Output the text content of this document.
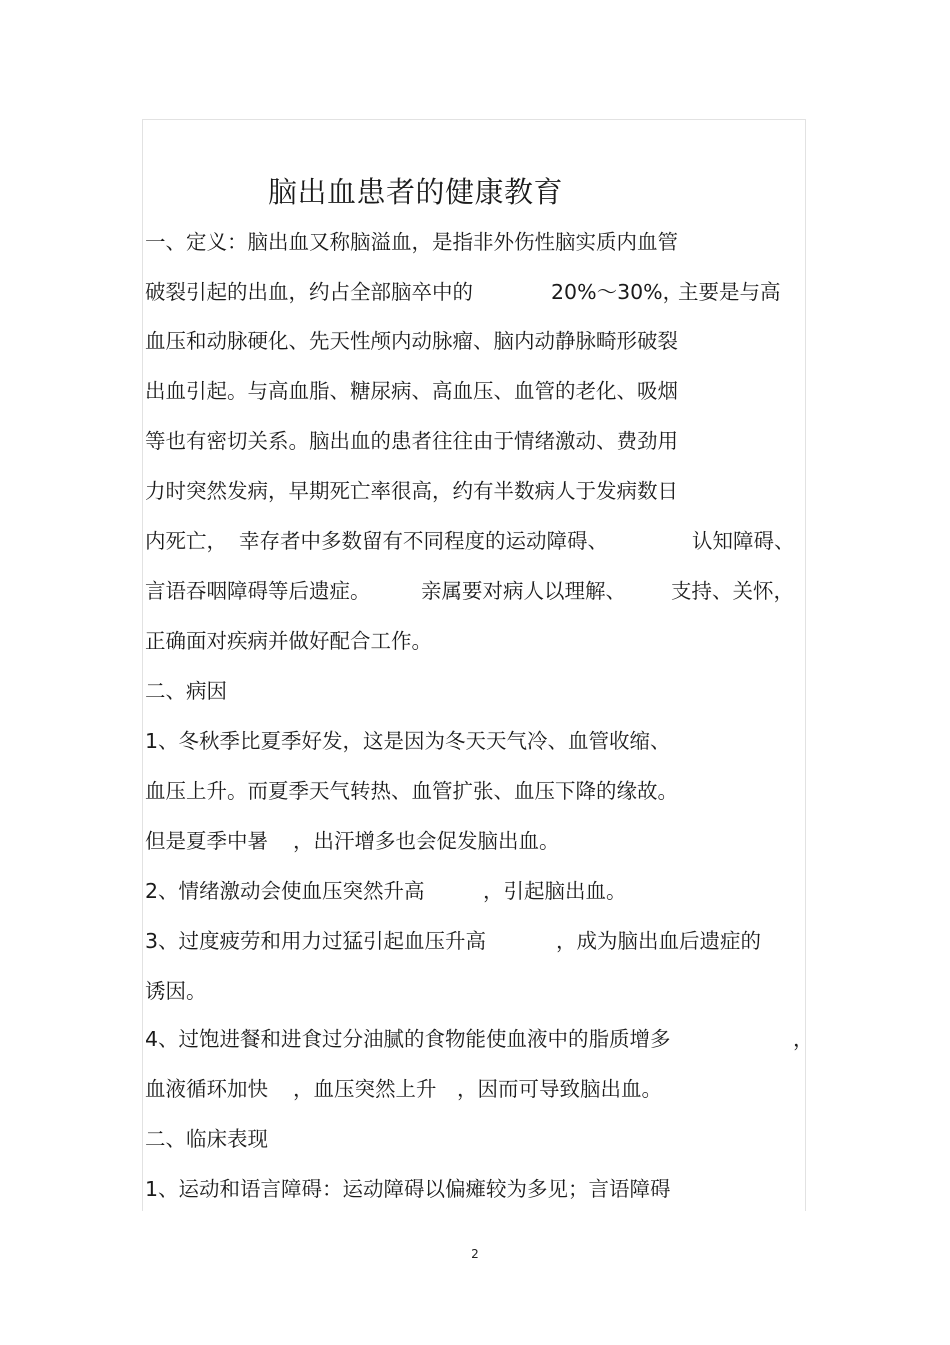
脑出血患者的健康教育
一、定义：脑出血又称脑溢血，是指非外伤性脑实质内血管
破裂引起的出血，约占全部脑卒中的	20%～30%，
主要是与高
血压和动脉硬化、先天性颅内动脉瘤、脑内动静脉畸形破裂
出血引起。与高血脂、糖尿病、高血压、血管的老化、吸烟
等也有密切关系。脑出血的患者往往由于情绪激动、费劲用
力时突然发病，早期死亡率很高，约有半数病人于发病数日
内死亡， 幸存者中多数留有不同程度的运动障碍、	认知障碍、
言语吞咽障碍等后遗症。 亲属要对病人以理解、 支持、关怀，
正确面对疾病并做好配合工作。
二、病因
1、冬秋季比夏季好发，这是因为冬天天气冷、血管收缩、
血压上升。而夏季天气转热、血管扩张、血压下降的缘故。
但是夏季中暑 ，出汗增多也会促发脑出血。
2、情绪激动会使血压突然升高	，引起脑出血。
3、过度疲劳和用力过猛引起血压升高	，成为脑出血后遗症的
诱因。
4、过饱进餐和进食过分油腻的食物能使血液中的脂质增多	，
血液循环加快 ，血压突然上升 ，因而可导致脑出血。
二、临床表现
1、运动和语言障碍：运动障碍以偏瘫较为多见；言语障碍
2
